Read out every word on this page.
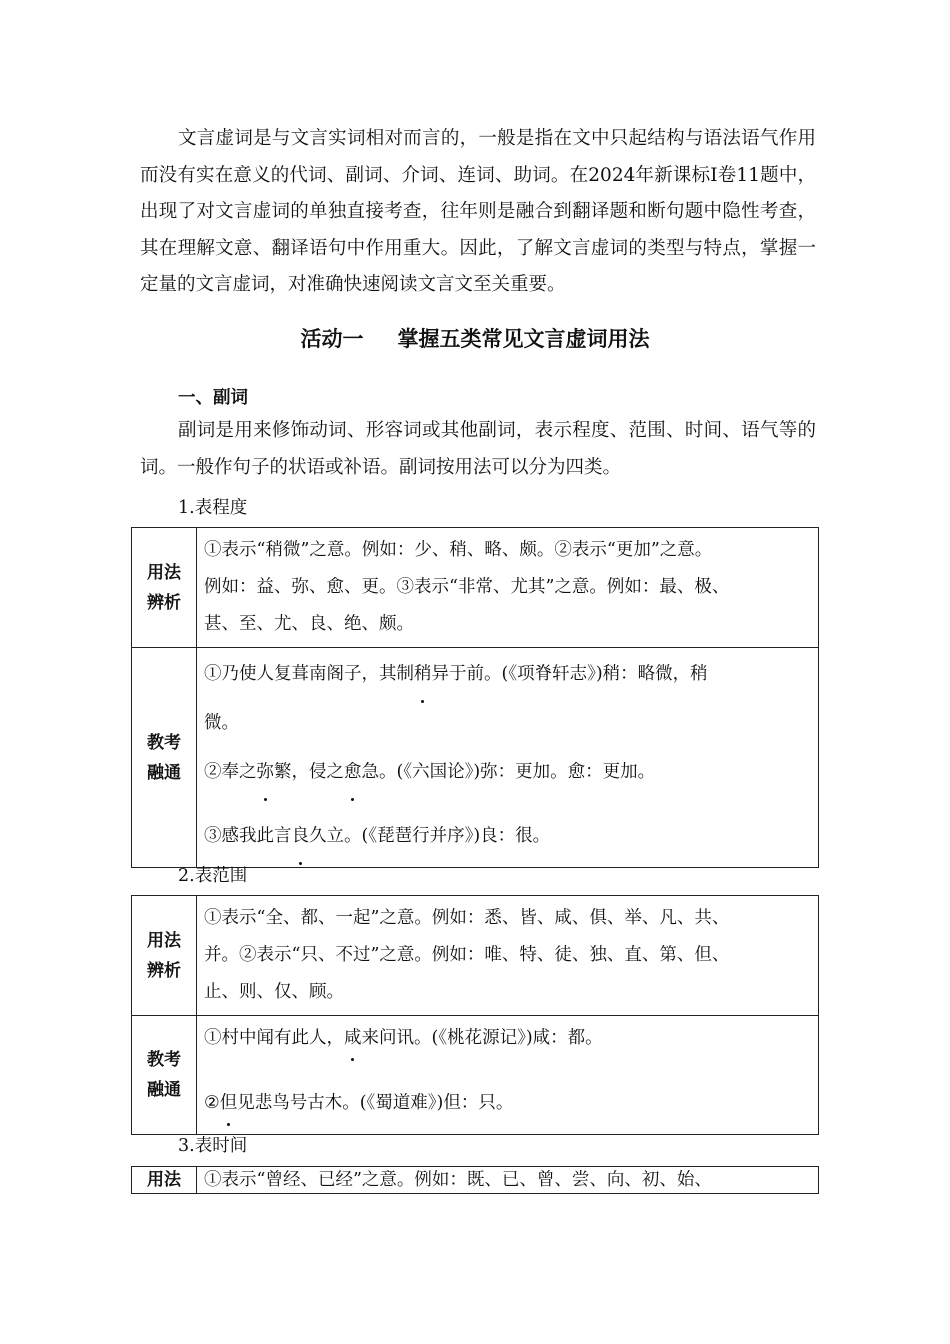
文言虚词是与文言实词相对而言的，一般是指在文中只起结构与语法语气作用而没有实在意义的代词、副词、介词、连词、助词。在2024年新课标Ⅰ卷11题中，出现了对文言虚词的单独直接考查，往年则是融合到翻译题和断句题中隐性考查，其在理解文意、翻译语句中作用重大。因此，了解文言虚词的类型与特点，掌握一定量的文言虚词，对准确快速阅读文言文至关重要。

活动一 掌握五类常见文言虚词用法
一、副词

副词是用来修饰动词、形容词或其他副词，表示程度、范围、时间、语气等的词。一般作句子的状语或补语。副词按用法可以分为四类。

1.表程度
用法
辨析	①表示“稍微”之意。例如：少、稍、略、颇。②表示“更加”之意。
例如：益、弥、愈、更。③表示“非常、尤其”之意。例如：最、极、
甚、至、尤、良、绝、颇。

教考
融通	①乃使人复葺南阁子，其制稍异于前。(《项脊轩志》)稍：略微，稍
微。
②奉之弥繁，侵之愈急。(《六国论》)弥：更加。愈：更加。
③感我此言良久立。(《琵琶行并序》)良：很。
2.表范围
用法
辨析	①表示“全、都、一起”之意。例如：悉、皆、咸、俱、举、凡、共、
并。②表示“只、不过”之意。例如：唯、特、徒、独、直、第、但、
止、则、仅、顾。

教考
融通	①村中闻有此人，咸来问讯。(《桃花源记》)咸：都。
②但见悲鸟号古木。(《蜀道难》)但：只。
3.表时间
用法	①表示“曾经、已经”之意。例如：既、已、曾、尝、向、初、始、
